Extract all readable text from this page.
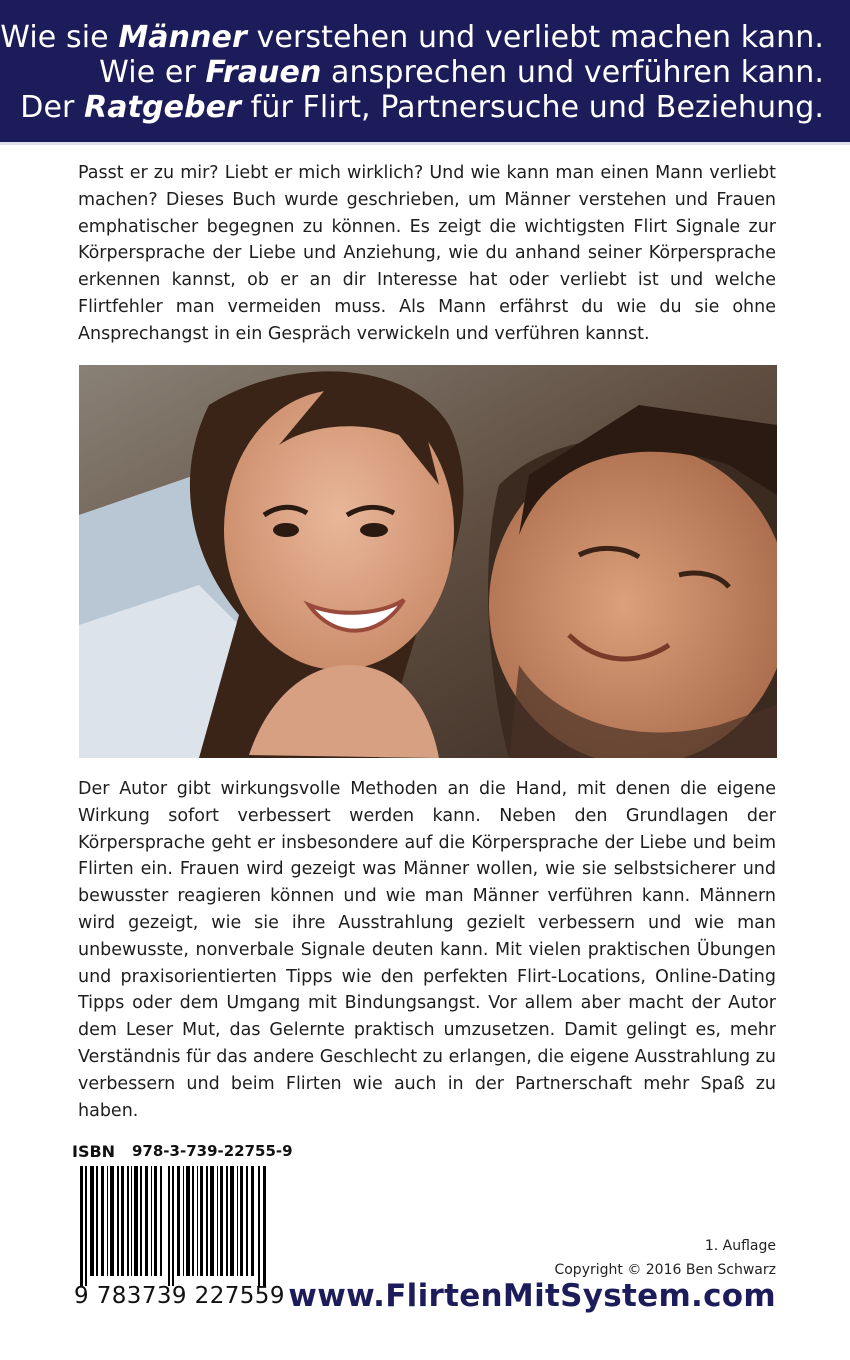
Wie sie Männer verstehen und verliebt machen kann.
Wie er Frauen ansprechen und verführen kann.
Der Ratgeber für Flirt, Partnersuche und Beziehung.

Passt er zu mir? Liebt er mich wirklich? Und wie kann man einen Mann verliebt machen? Dieses Buch wurde geschrieben, um Männer verstehen und Frauen emphatischer begegnen zu können. Es zeigt die wichtigsten Flirt Signale zur Körpersprache der Liebe und Anziehung, wie du anhand seiner Körpersprache erkennen kannst, ob er an dir Interesse hat oder verliebt ist und welche Flirtfehler man vermeiden muss. Als Mann erfährst du wie du sie ohne Ansprechangst in ein Gespräch verwickeln und verführen kannst.

Der Autor gibt wirkungsvolle Methoden an die Hand, mit denen die eigene Wirkung sofort verbessert werden kann. Neben den Grundlagen der Körpersprache geht er insbesondere auf die Körpersprache der Liebe und beim Flirten ein. Frauen wird gezeigt was Männer wollen, wie sie selbstsicherer und bewusster reagieren können und wie man Männer verführen kann. Männern wird gezeigt, wie sie ihre Ausstrahlung gezielt verbessern und wie man unbewusste, nonverbale Signale deuten kann. Mit vielen praktischen Übungen und praxisorientierten Tipps wie den perfekten Flirt-Locations, Online-Dating Tipps oder dem Umgang mit Bindungsangst. Vor allem aber macht der Autor dem Leser Mut, das Gelernte praktisch umzusetzen. Damit gelingt es, mehr Verständnis für das andere Geschlecht zu erlangen, die eigene Ausstrahlung zu verbessern und beim Flirten wie auch in der Partnerschaft mehr Spaß zu haben.

ISBN 978-3-739-22755-9
9 783739 227559
1. Auflage
Copyright © 2016 Ben Schwarz
www.FlirtenMitSystem.com
